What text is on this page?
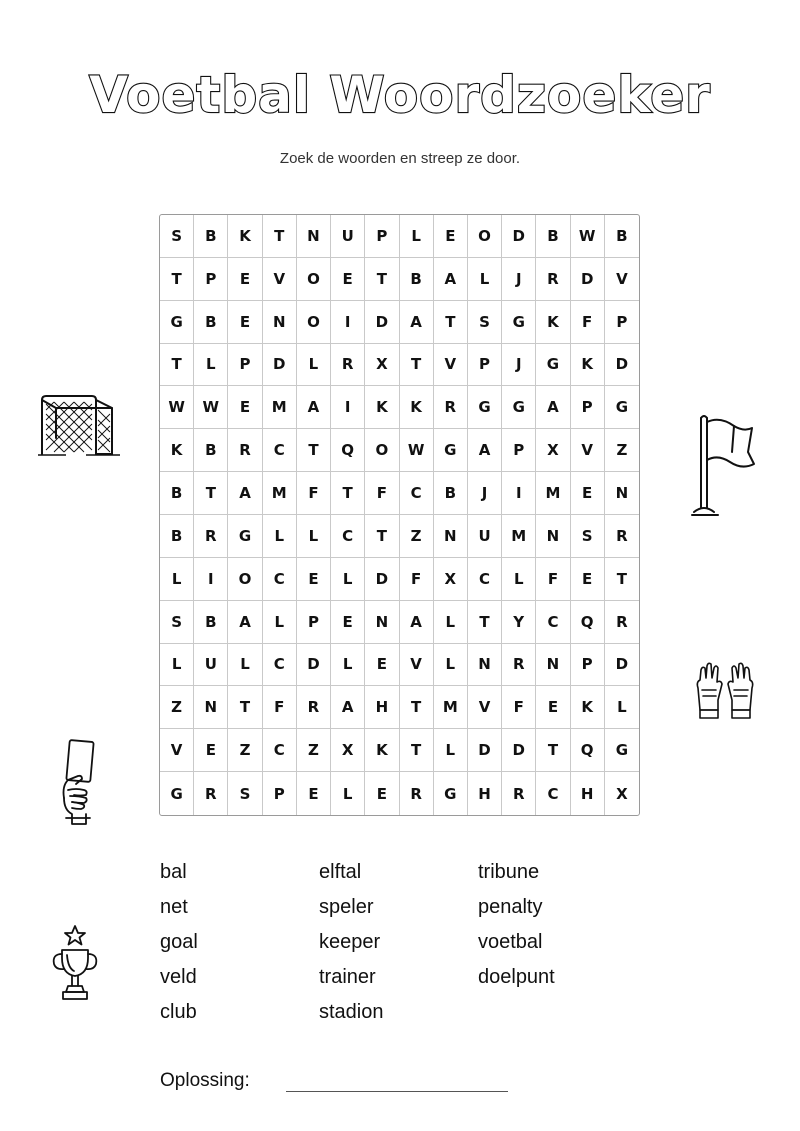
Voetbal Woordzoeker
Zoek de woorden en streep ze door.
S	B	K	T	N	U	P	L	E	O	D	B	W	B
T	P	E	V	O	E	T	B	A	L	J	R	D	V
G	B	E	N	O	I	D	A	T	S	G	K	F	P
T	L	P	D	L	R	X	T	V	P	J	G	K	D
W	W	E	M	A	I	K	K	R	G	G	A	P	G
K	B	R	C	T	Q	O	W	G	A	P	X	V	Z
B	T	A	M	F	T	F	C	B	J	I	M	E	N
B	R	G	L	L	C	T	Z	N	U	M	N	S	R
L	I	O	C	E	L	D	F	X	C	L	F	E	T
S	B	A	L	P	E	N	A	L	T	Y	C	Q	R
L	U	L	C	D	L	E	V	L	N	R	N	P	D
Z	N	T	F	R	A	H	T	M	V	F	E	K	L
V	E	Z	C	Z	X	K	T	L	D	D	T	Q	G
G	R	S	P	E	L	E	R	G	H	R	C	H	X
bal
net
goal
veld
club
elftal
speler
keeper
trainer
stadion
tribune
penalty
voetbal
doelpunt
Oplossing:
